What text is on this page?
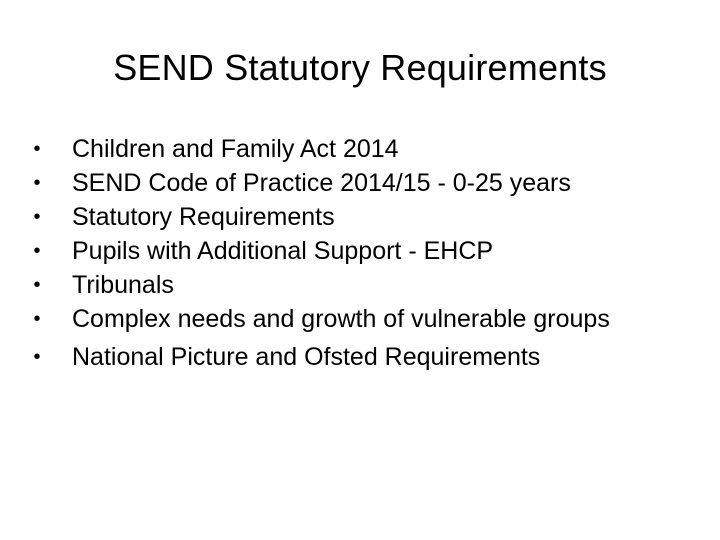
SEND Statutory Requirements
• Children and Family Act 2014
• SEND Code of Practice 2014/15 - 0-25 years
• Statutory Requirements
• Pupils with Additional Support - EHCP
• Tribunals
• Complex needs and growth of vulnerable groups
• National Picture and Ofsted Requirements
